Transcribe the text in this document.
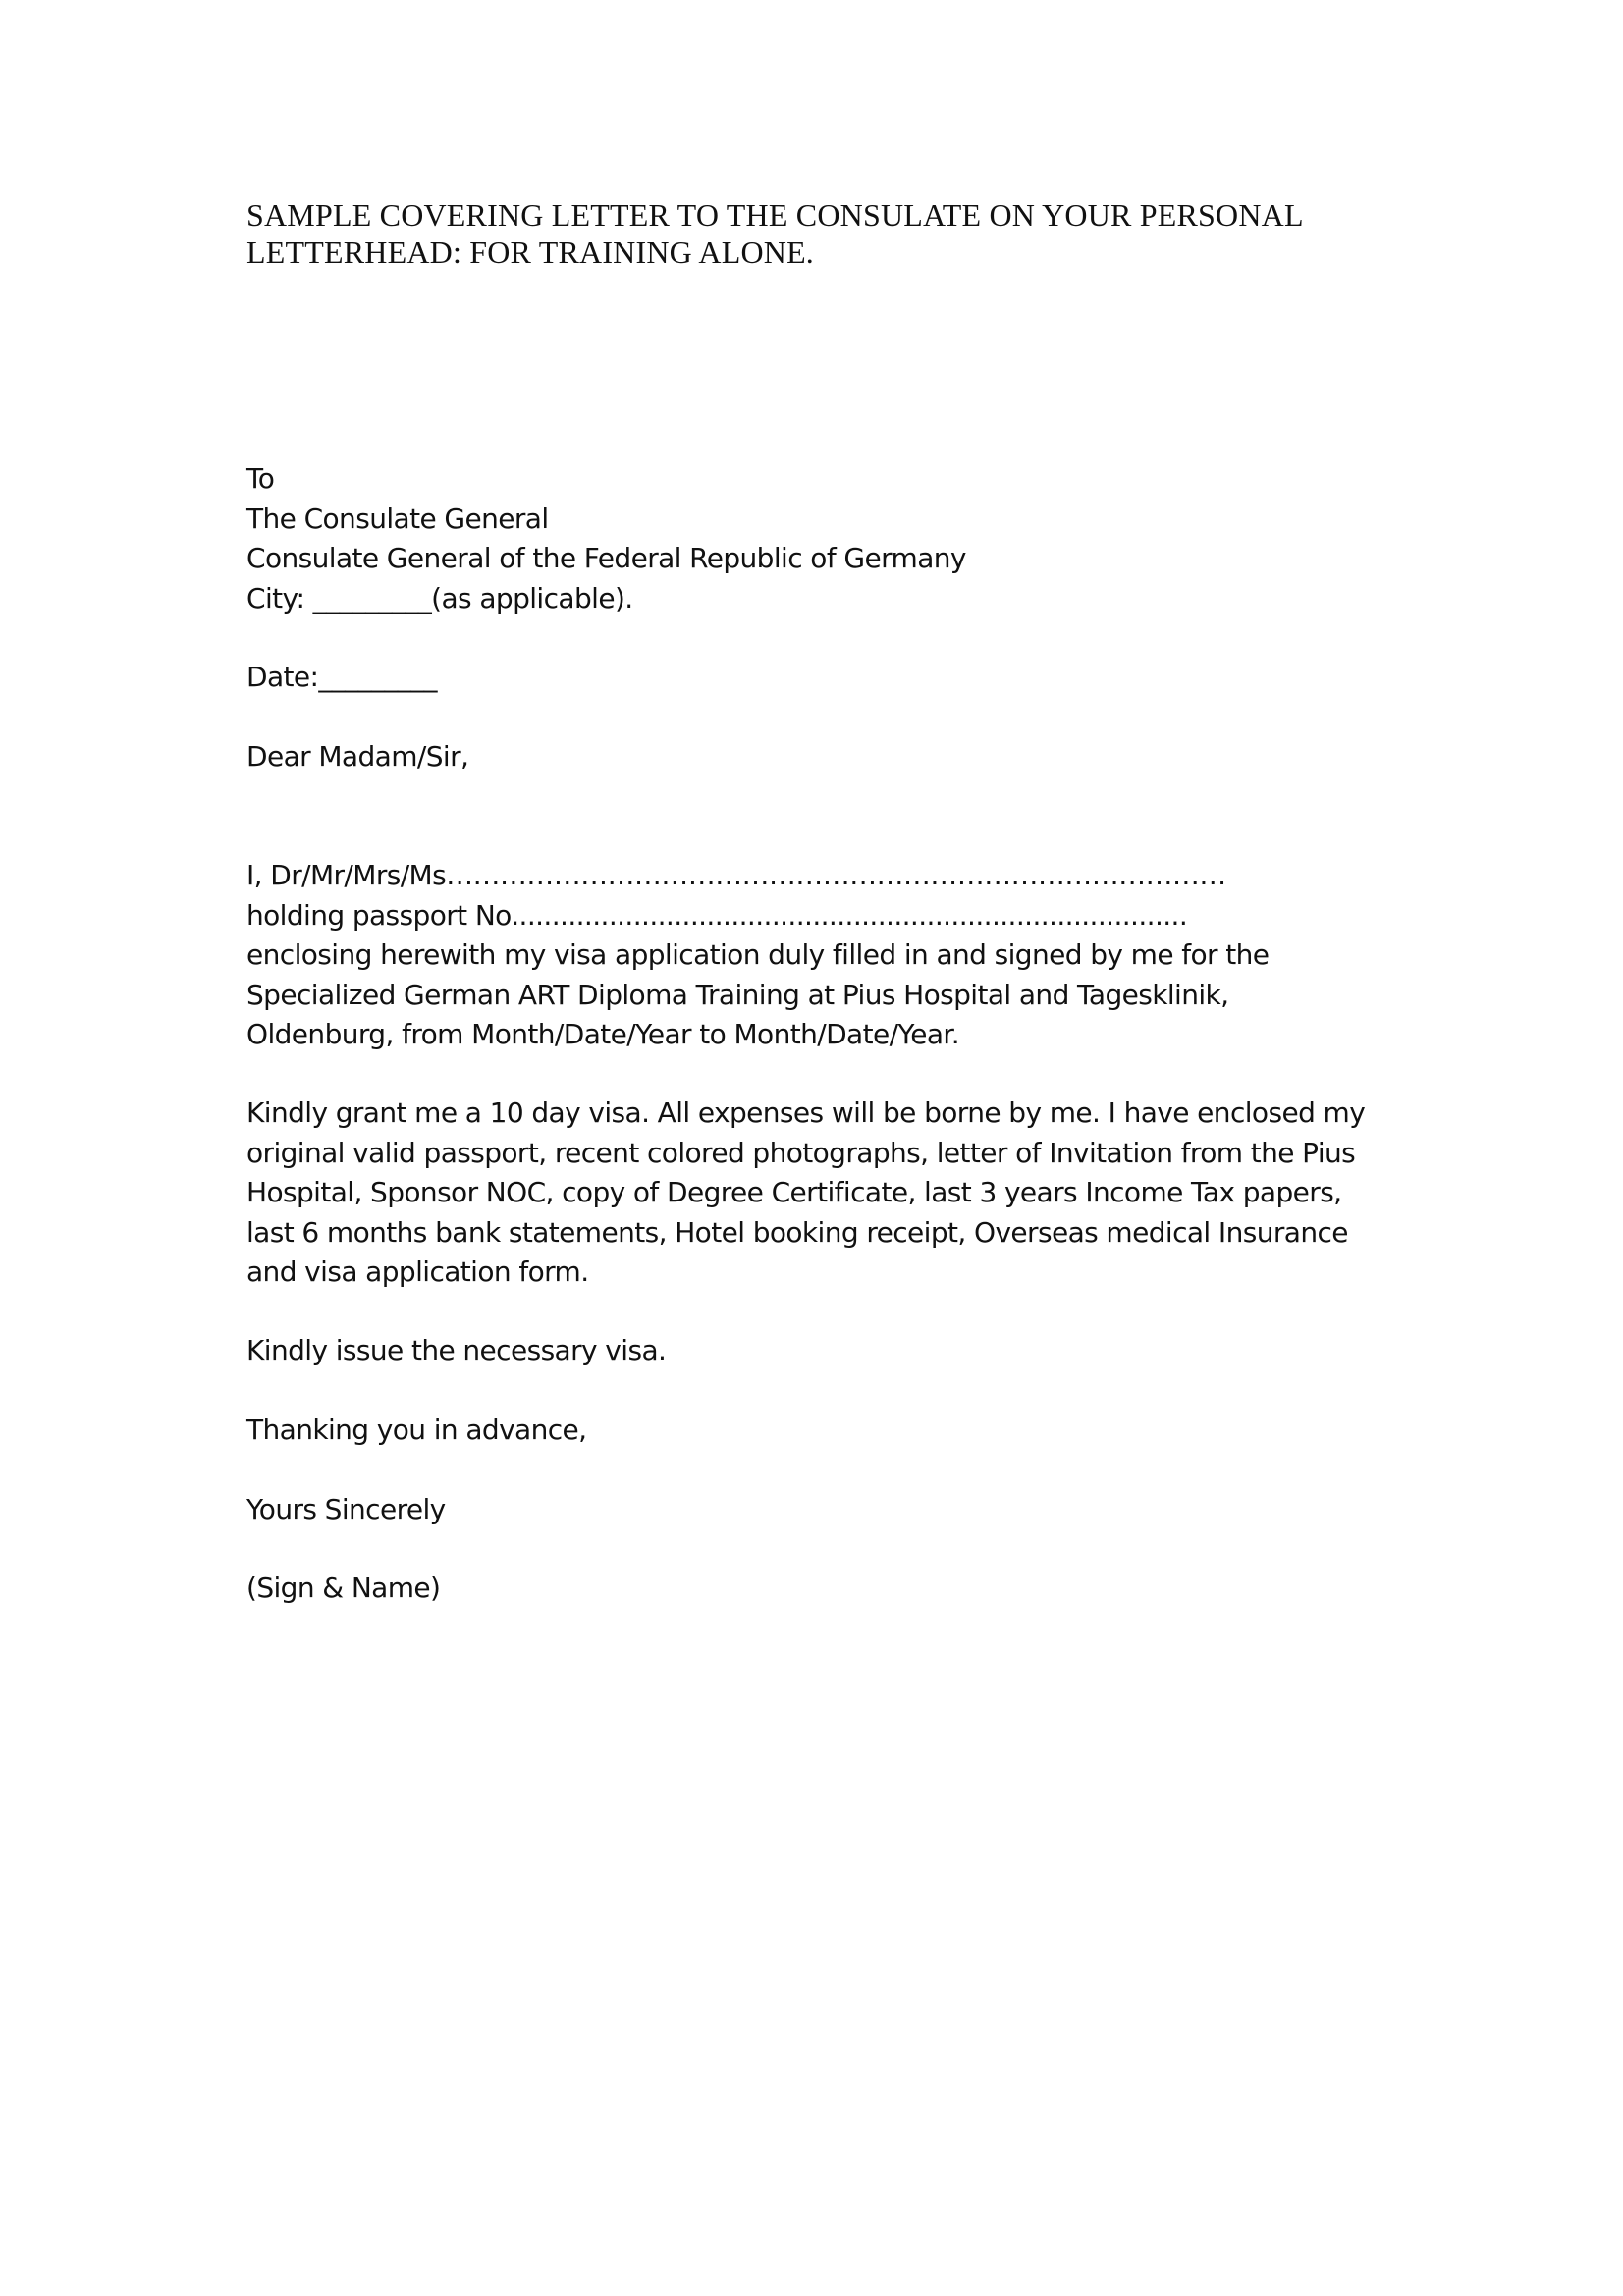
SAMPLE COVERING LETTER TO THE CONSULATE ON YOUR PERSONAL
LETTERHEAD: FOR TRAINING ALONE.
To
The Consulate General
Consulate General of the Federal Republic of Germany
City: _________(as applicable).
Date:_________
Dear Madam/Sir,
I, Dr/Mr/Mrs/Ms……………………………………………………………………………
holding passport No...................................................................................
enclosing herewith my visa application duly filled in and signed by me for the
Specialized German ART Diploma Training at Pius Hospital and Tagesklinik,
Oldenburg, from Month/Date/Year to Month/Date/Year.
Kindly grant me a 10 day visa. All expenses will be borne by me. I have enclosed my
original valid passport, recent colored photographs, letter of Invitation from the Pius
Hospital, Sponsor NOC, copy of Degree Certificate, last 3 years Income Tax papers,
last 6 months bank statements, Hotel booking receipt, Overseas medical Insurance
and visa application form.
Kindly issue the necessary visa.
Thanking you in advance,
Yours Sincerely
(Sign & Name)
